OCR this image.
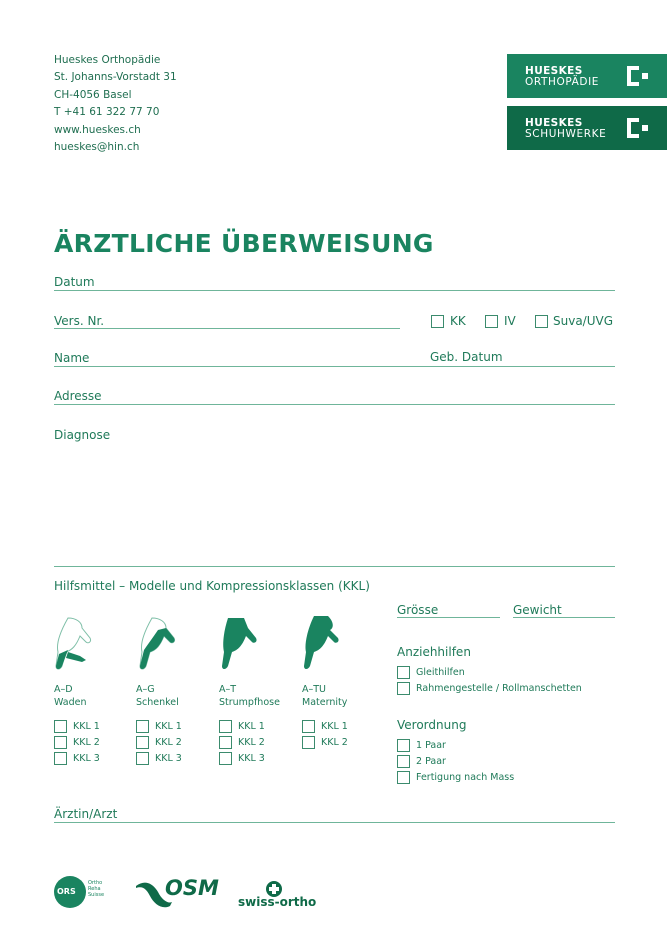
Hueskes Orthopädie
St. Johanns-Vorstadt 31
CH-4056 Basel
T +41 61 322 77 70
www.hueskes.ch
hueskes@hin.ch
HUESKES
ORTHOPÄDIE
HUESKES
SCHUHWERKE
ÄRZTLICHE ÜBERWEISUNG
Datum
Vers. Nr.	KK	IV	Suva/UVG
Name	Geb. Datum
Adresse
Diagnose
Hilfsmittel – Modelle und Kompressionsklassen (KKL)
A–D
Waden
A–G
Schenkel
A–T
Strumpfhose
A–TU
Maternity
KKL 1
KKL 2
KKL 3
KKL 1
KKL 2
KKL 3
KKL 1
KKL 2
KKL 3
KKL 1
KKL 2
Grösse	Gewicht
Anziehhilfen
Gleithilfen
Rahmengestelle / Rollmanschetten
Verordnung
1 Paar
2 Paar
Fertigung nach Mass
Ärztin/Arzt
ORS
Ortho
Reha
Suisse	OSM
swiss-ortho
